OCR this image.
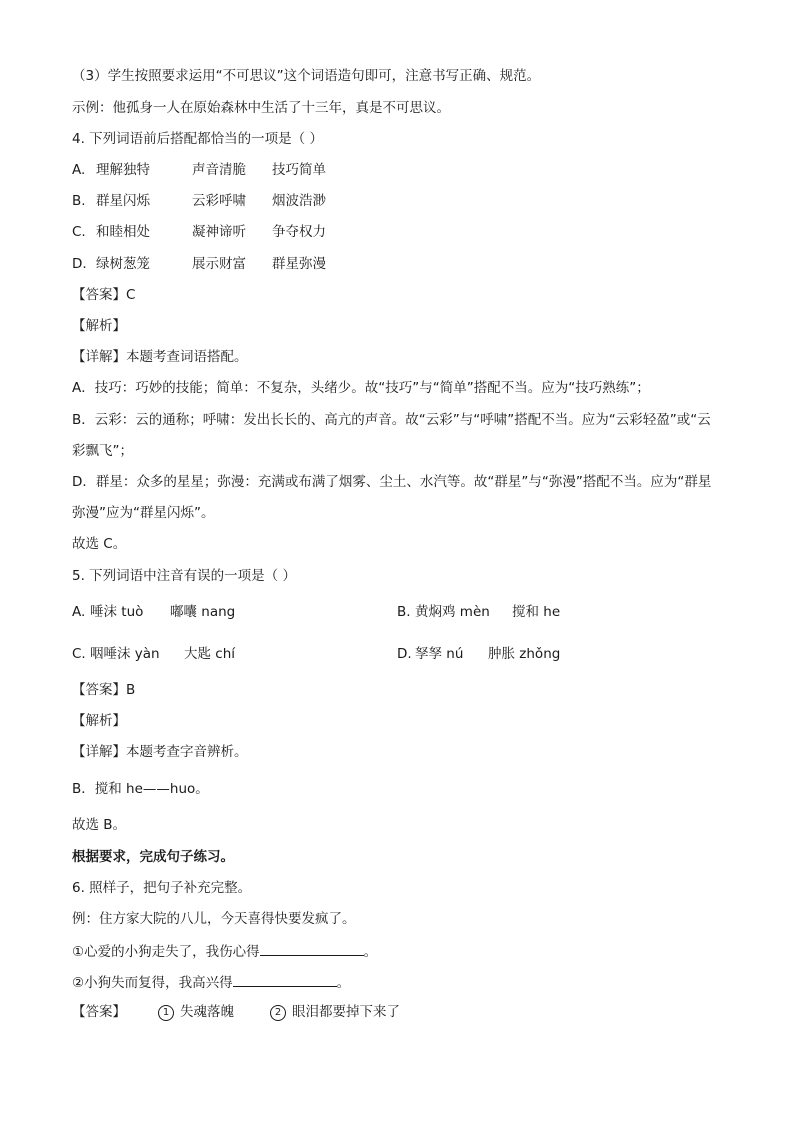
（3）学生按照要求运用“不可思议”这个词语造句即可，注意书写正确、规范。
示例：他孤身一人在原始森林中生活了十三年，真是不可思议。
4. 下列词语前后搭配都恰当的一项是（ ）
A. 理解独特	声音清脆 技巧简单
B. 群星闪烁	云彩呼啸 烟波浩渺
C. 和睦相处	凝神谛听 争夺权力
D. 绿树葱笼	展示财富 群星弥漫
【答案】C
【解析】
【详解】本题考查词语搭配。
A．技巧：巧妙的技能；简单：不复杂，头绪少。故“技巧”与“简单”搭配不当。应为“技巧熟练”；
B．云彩：云的通称；呼啸：发出长长的、高亢的声音。故“云彩”与“呼啸”搭配不当。应为“云彩轻盈”或“云彩飘飞”；
D．群星：众多的星星；弥漫：充满或布满了烟雾、尘土、水汽等。故“群星”与“弥漫”搭配不当。应为“群星弥漫”应为“群星闪烁”。
故选 C。
5. 下列词语中注音有误的一项是（ ）
A. 唾沫 tuò 嘟囔 nang	B. 黄焖鸡 mèn 搅和 he
C. 咽唾沫 yàn 大匙 chí	D. 孥孥 nú 肿胀 zhǒng
【答案】B
【解析】
【详解】本题考查字音辨析。
B．搅和 he——huo。
故选 B。
根据要求，完成句子练习。
6. 照样子，把句子补充完整。
例：住方家大院的八儿，今天喜得快要发疯了。
①心爱的小狗走失了，我伤心得	。
②小狗失而复得，我高兴得	。
【答案】	1 失魂落魄	2 眼泪都要掉下来了
